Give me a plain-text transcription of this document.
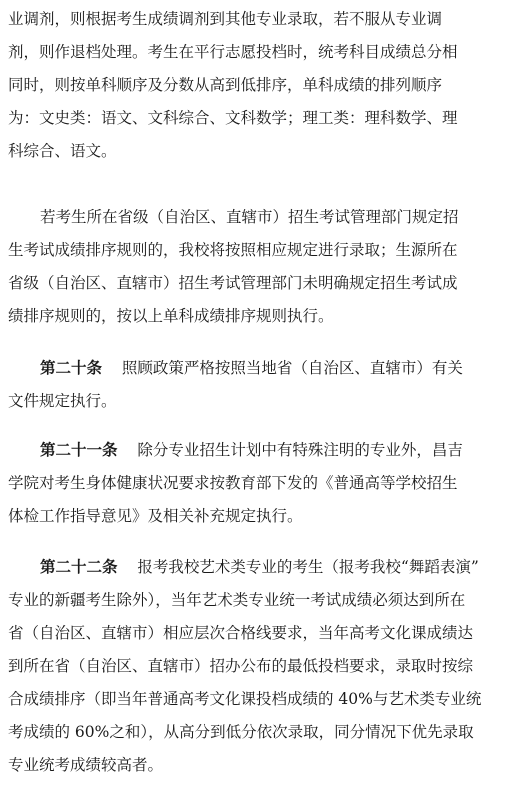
业调剂，则根据考生成绩调剂到其他专业录取，若不服从专业调
剂，则作退档处理。考生在平行志愿投档时，统考科目成绩总分相
同时，则按单科顺序及分数从高到低排序，单科成绩的排列顺序
为：文史类：语文、文科综合、文科数学；理工类：理科数学、理
科综合、语文。
若考生所在省级（自治区、直辖市）招生考试管理部门规定招
生考试成绩排序规则的，我校将按照相应规定进行录取；生源所在
省级（自治区、直辖市）招生考试管理部门未明确规定招生考试成
绩排序规则的，按以上单科成绩排序规则执行。
第二十条 照顾政策严格按照当地省（自治区、直辖市）有关
文件规定执行。
第二十一条 除分专业招生计划中有特殊注明的专业外，昌吉
学院对考生身体健康状况要求按教育部下发的《普通高等学校招生
体检工作指导意见》及相关补充规定执行。
第二十二条 报考我校艺术类专业的考生（报考我校“舞蹈表演”
专业的新疆考生除外），当年艺术类专业统一考试成绩必须达到所在
省（自治区、直辖市）相应层次合格线要求，当年高考文化课成绩达
到所在省（自治区、直辖市）招办公布的最低投档要求，录取时按综
合成绩排序（即当年普通高考文化课投档成绩的 40%与艺术类专业统
考成绩的 60%之和），从高分到低分依次录取，同分情况下优先录取
专业统考成绩较高者。
